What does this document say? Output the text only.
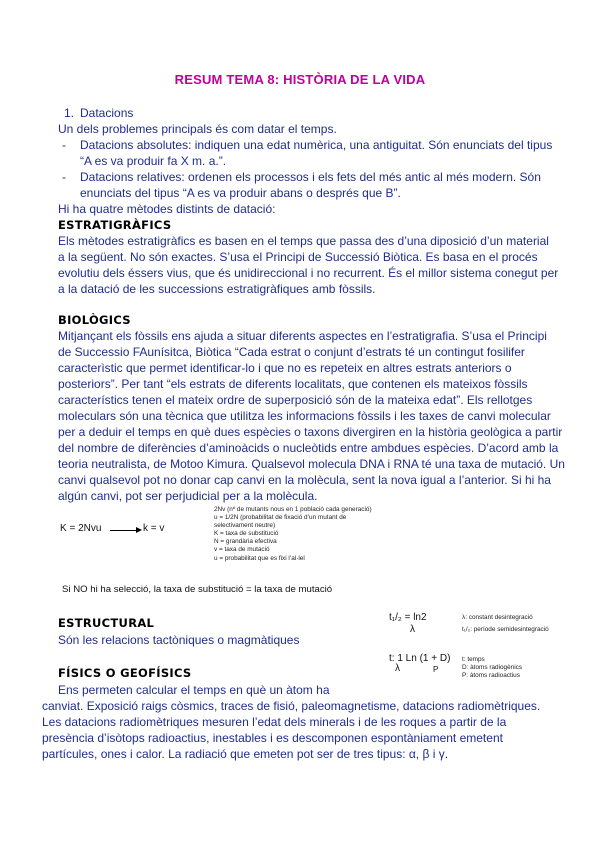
RESUM TEMA 8: HISTÒRIA DE LA VIDA
1. Datacions
Un dels problemes principals és com datar el temps.
- Datacions absolutes: indiquen una edat numèrica, una antiguitat. Són enunciats del tipus
“A es va produir fa X m. a.”.
- Datacions relatives: ordenen els processos i els fets del més antic al més modern. Són
enunciats del tipus “A es va produir abans o després que B”.
Hi ha quatre mètodes distints de datació:
ESTRATIGRÀFICS
Els mètodes estratigràfics es basen en el temps que passa des d’una diposició d’un material
a la següent. No són exactes. S’usa el Principi de Successió Biòtica. Es basa en el procés
evolutiu dels éssers vius, que és unidireccional i no recurrent. És el millor sistema conegut per
a la datació de les successions estratigràfiques amb fòssils.
BIOLÒGICS
Mitjançant els fòssils ens ajuda a situar diferents aspectes en l’estratigrafia. S’usa el Principi
de Successio FAunísitca, Biòtica “Cada estrat o conjunt d’estrats té un contingut fosilifer
caracterìstic que permet identificar-lo i que no es repeteix en altres estrats anteriors o
posteriors”. Per tant “els estrats de diferents localitats, que contenen els mateixos fòssils
característics tenen el mateix ordre de superposició són de la mateixa edat”. Els rellotges
moleculars són una tècnica que utilitza les informacions fòssils i les taxes de canvi molecular
per a deduir el temps en què dues espècies o taxons divergiren en la història geològica a partir
del nombre de diferències d’aminoàcids o nucleòtids entre ambdues espècies. D’acord amb la
teoria neutralista, de Motoo Kimura. Qualsevol molecula DNA i RNA té una taxa de mutació. Un
canvi qualsevol pot no donar cap canvi en la molècula, sent la nova igual a l’anterior. Si hi ha
algún canvi, pot ser perjudicial per a la molècula.
K = 2Nvu	k = v
2Nv (nº de mutants nous en 1 població cada generació)
u = 1/2N (probabilitat de fixació d’un mutant de
selectivament neutre)
K = taxa de substitució
N = grandària efectiva
v = taxa de mutació
u = probabilitat que es fixi l’al·lel
Si NO hi ha selecció, la taxa de substitució = la taxa de mutació
ESTRUCTURAL
Són les relacions tactòniques o magmàtiques
t₁/₂ = ln2
λ
λ: constant desintegració
t₁/₂: període semidesintegració
FÍSICS O GEOFÍSICS
Ens permeten calcular el temps en què un àtom ha
canviat. Exposició raigs còsmics, traces de fisió, paleomagnetisme, datacions radiomètriques.
Les datacions radiomètriques mesuren l’edat dels minerals i de les roques a partir de la
presència d’isòtops radioactius, inestables i es descomponen espontàniament emetent
partícules, ones i calor. La radiació que emeten pot ser de tres tipus: α, β i γ.
t: 1 Ln (1 + D)
λ	P
t: temps
D: àtoms radiogènics
P: àtoms radioactius
